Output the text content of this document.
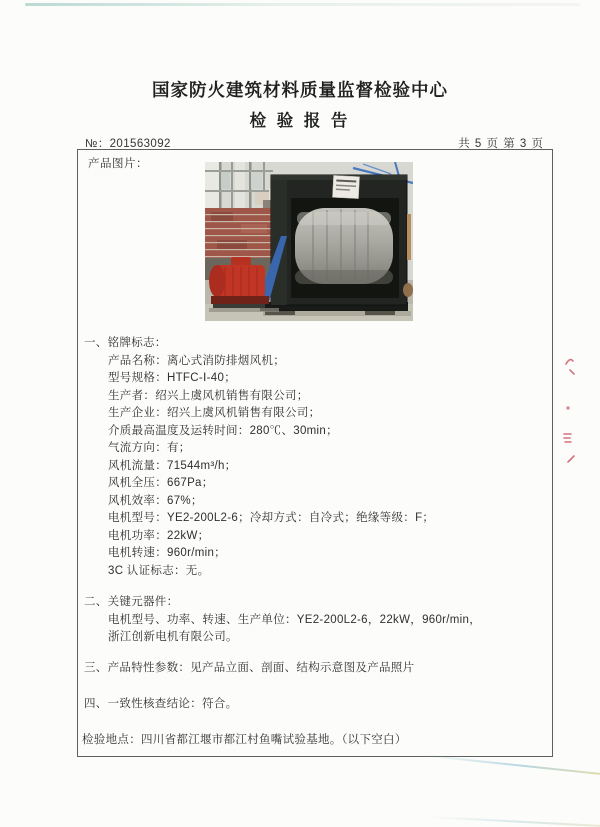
国家防火建筑材料质量监督检验中心
检 验 报 告
№：201563092	共 5 页 第 3 页
产品图片：
一、铭牌标志：
产品名称：离心式消防排烟风机；
型号规格：HTFC-Ⅰ-40；
生产者：绍兴上虞风机销售有限公司；
生产企业：绍兴上虞风机销售有限公司；
介质最高温度及运转时间：280℃、30min；
气流方向：有；
风机流量：71544m³/h；
风机全压：667Pa；
风机效率：67%；
电机型号：YE2-200L2-6；冷却方式：自冷式；绝缘等级：F；
电机功率：22kW；
电机转速：960r/min；
3C 认证标志：无。
二、关键元器件：
电机型号、功率、转速、生产单位：YE2-200L2-6，22kW，960r/min，
浙江创新电机有限公司。
三、产品特性参数：见产品立面、剖面、结构示意图及产品照片
四、一致性核查结论：符合。
检验地点：四川省都江堰市都江村鱼嘴试验基地。（以下空白）
